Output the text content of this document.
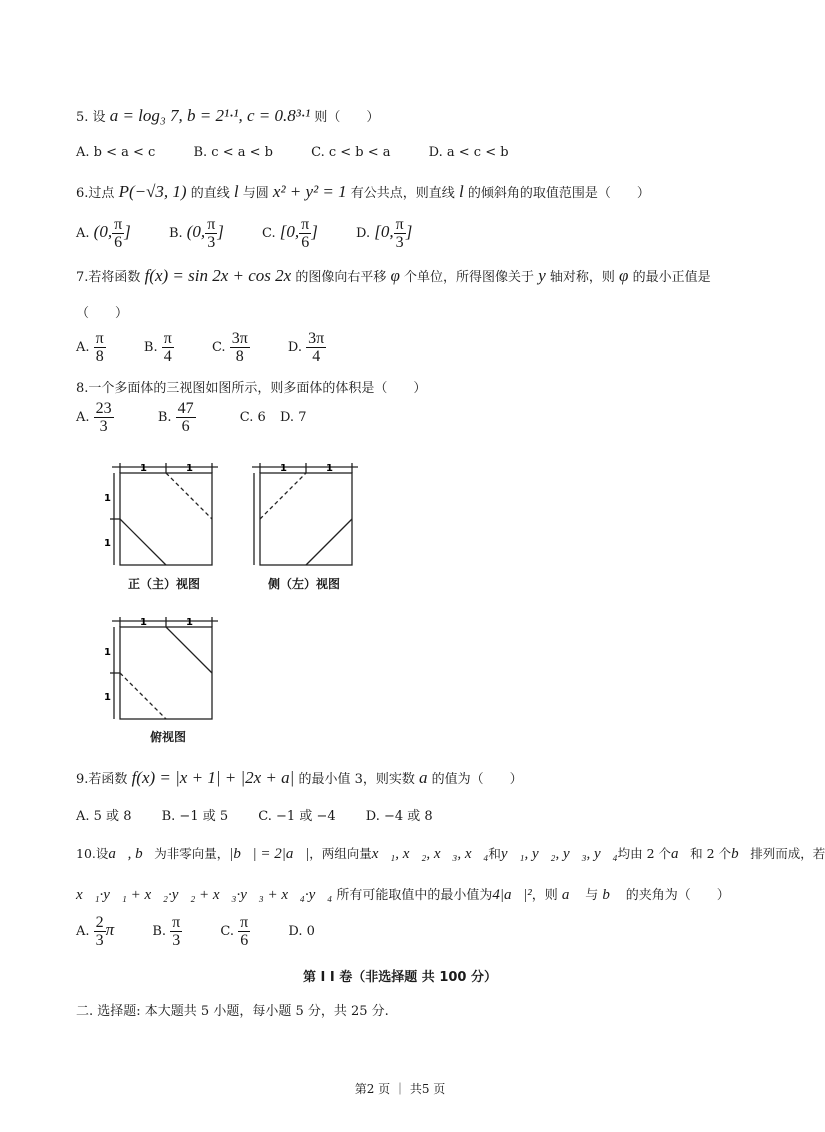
5. 设 a = log₃ 7, b = 2¹·¹, c = 0.8³·¹ 则（　　）
A. b < a < c	B. c < a < b	C. c < b < a	D. a < c < b
6.过点 P(−√3, 1) 的直线 l 与圆 x² + y² = 1 有公共点，则直线 l 的倾斜角的取值范围是（　　）
A. (0, $\frac{\pi}{6}$ ]	B. (0, $\frac{\pi}{3}$ ]	C. [0, $\frac{\pi}{6}$ ]	D. [0, $\frac{\pi}{3}$ ]
7.若将函数 f(x) = sin 2x + cos 2x 的图像向右平移 φ 个单位，所得图像关于 y 轴对称，则 φ 的最小正值是
（　　）
A. $\frac{\pi}{8}$	B. $\frac{\pi}{4}$	C. $\frac{3\pi}{8}$	D. $\frac{3\pi}{4}$
8.一个多面体的三视图如图所示，则多面体的体积是（　　）
A. $\frac{23}{3}$	B. $\frac{47}{6}$	C. 6 D. 7
1	1
1
1
1	1
1	1
1
1
正（主）视图	侧（左）视图
俯视图
9.若函数 f(x) = |x + 1| + |2x + a| 的最小值 3，则实数 a 的值为（　　）
A. 5 或 8 B. −1 或 5 C. −1 或 −4 D. −4 或 8
10.设a⃗, b⃗为非零向量，|b⃗| = 2|a⃗|，两组向量x⃗₁, x⃗₂, x⃗₃, x⃗₄和y⃗₁, y⃗₂, y⃗₃, y⃗₄均由 2 个a⃗和 2 个b⃗排列而成，若
x⃗₁·y⃗₁ + x⃗₂·y⃗₂ + x⃗₃·y⃗₃ + x⃗₄·y⃗₄ 所有可能取值中的最小值为4|a⃗|²，则 a⃗ 与 b⃗ 的夹角为（　　）
A. $\frac{2}{3}$ π	B. $\frac{\pi}{3}$	C. $\frac{\pi}{6}$	D. 0
第 I I 卷（非选择题 共 100 分）
二. 选择题: 本大题共 5 小题，每小题 5 分，共 25 分.
第2 页 ｜ 共5 页
